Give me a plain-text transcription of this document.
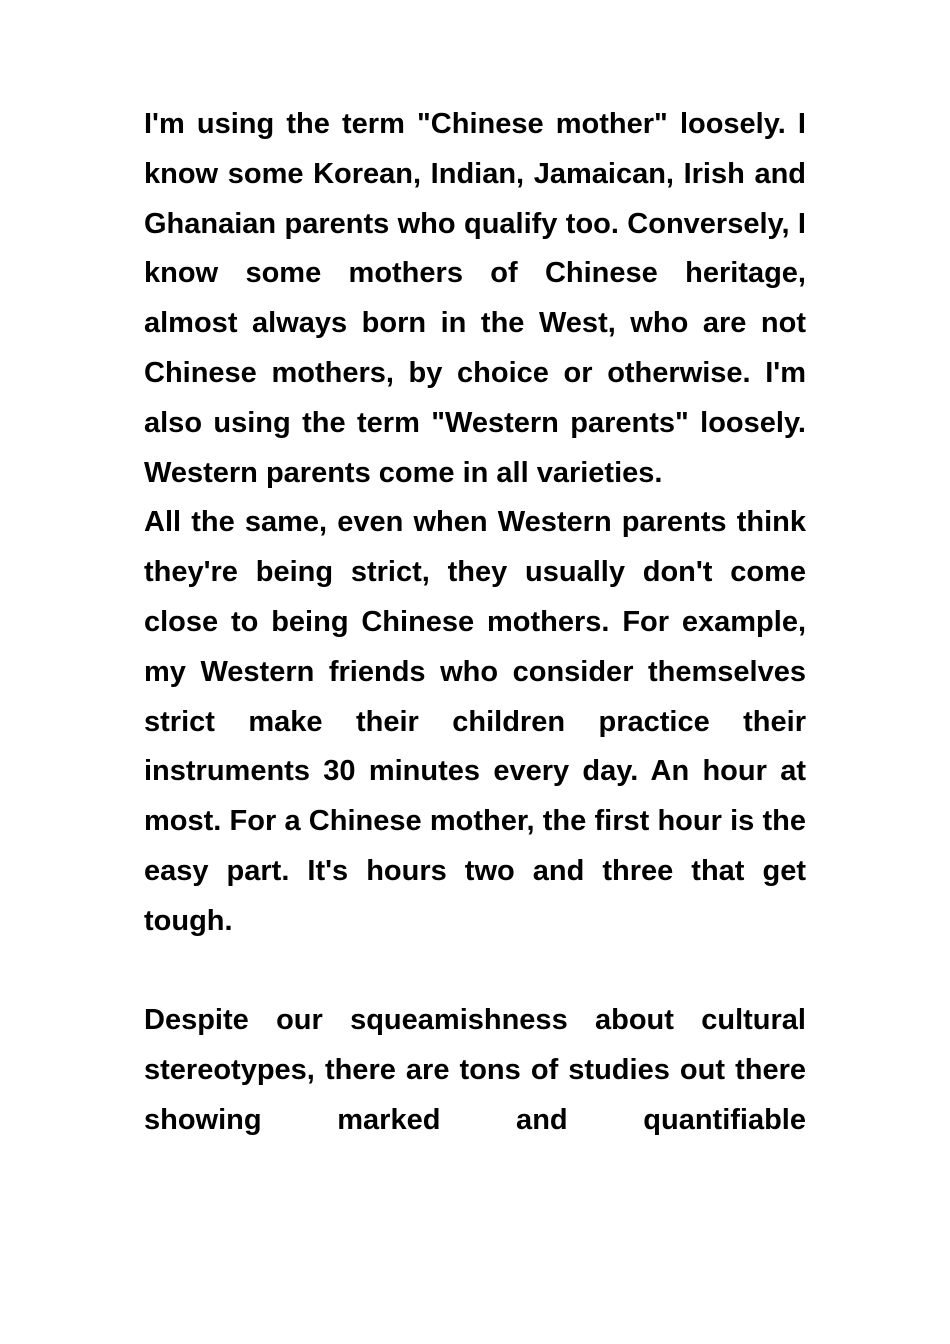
I'm using the term "Chinese mother" loosely. I know some Korean, Indian, Jamaican, Irish and Ghanaian parents who qualify too. Conversely, I know some mothers of Chinese heritage, almost always born in the West, who are not Chinese mothers, by choice or otherwise. I'm also using the term "Western parents" loosely. Western parents come in all varieties.

All the same, even when Western parents think they're being strict, they usually don't come close to being Chinese mothers. For example, my Western friends who consider themselves strict make their children practice their instruments 30 minutes every day. An hour at most. For a Chinese mother, the first hour is the easy part. It's hours two and three that get tough.

Despite our squeamishness about cultural stereotypes, there are tons of studies out there showing marked and quantifiable
